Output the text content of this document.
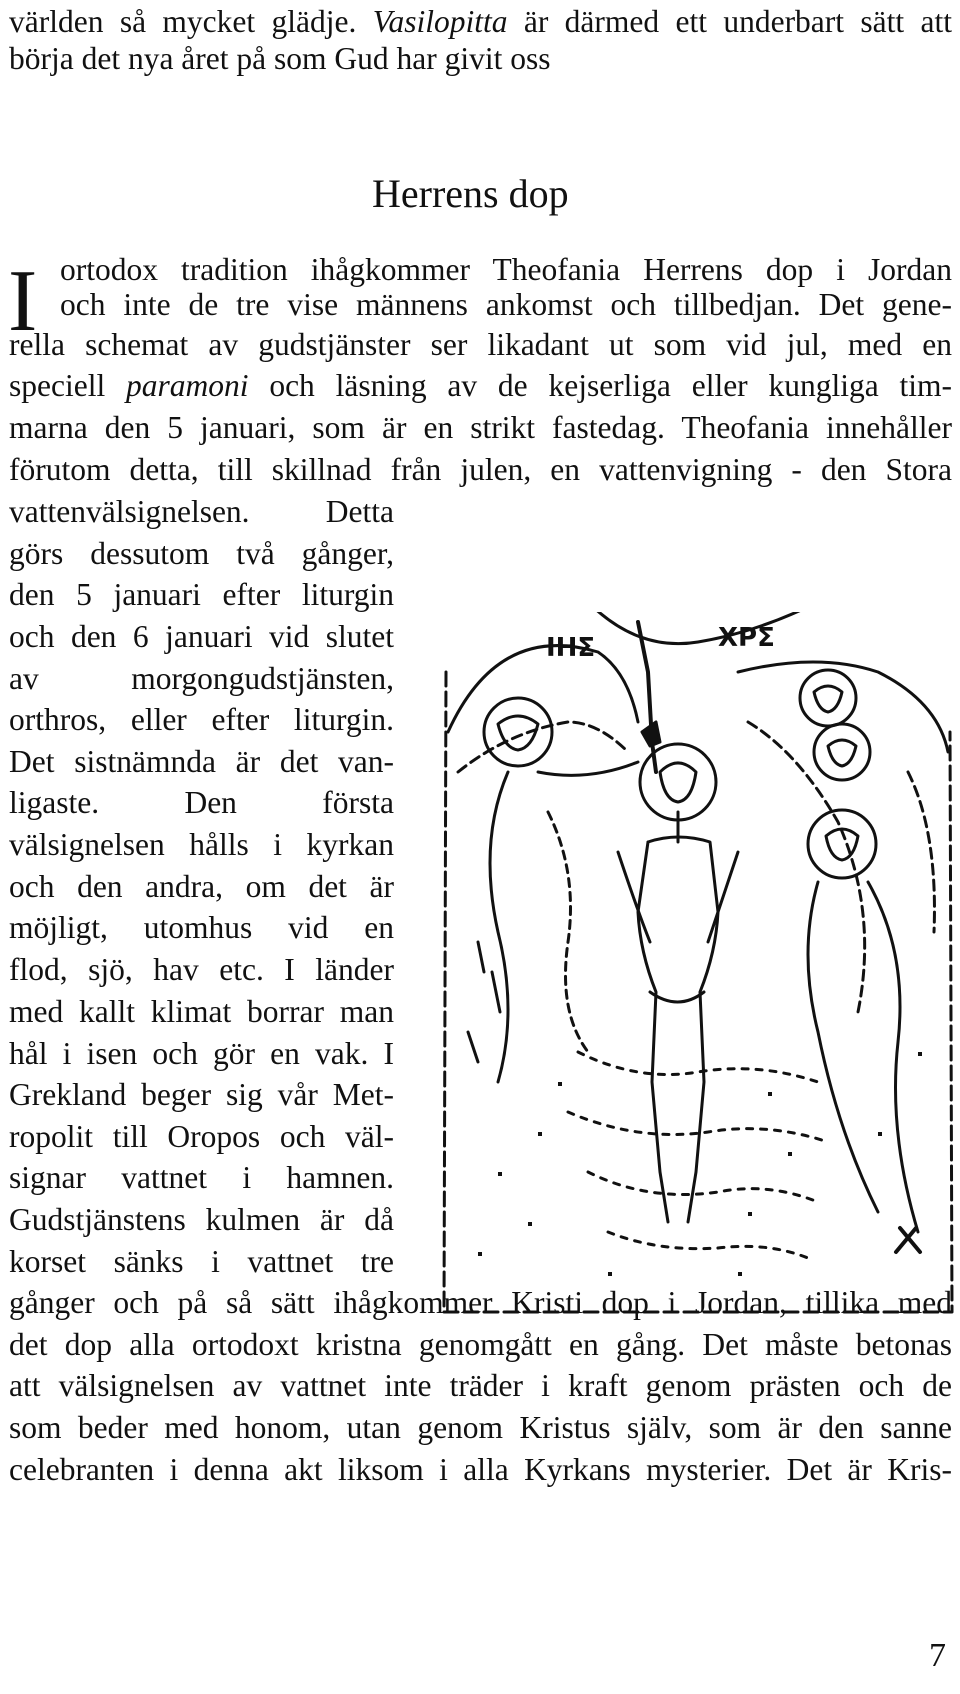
världen så mycket glädje. Vasilopitta är därmed ett underbart sätt att
börja det nya året på som Gud har givit oss
Herrens dop
I ortodox tradition ihågkommer Theofania Herrens dop i Jordan
och inte de tre vise männens ankomst och tillbedjan. Det gene-
rella schemat av gudstjänster ser likadant ut som vid jul, med en
speciell paramoni och läsning av de kejserliga eller kungliga tim-
marna den 5 januari, som är en strikt fastedag. Theofania innehåller
förutom detta, till skillnad från julen, en vattenvigning - den Stora
vattenvälsignelsen. Detta
görs dessutom två gånger,
den 5 januari efter liturgin
och den 6 januari vid slutet
av morgongudstjänsten,
orthros, eller efter liturgin.
Det sistnämnda är det van-
ligaste. Den första
välsignelsen hålls i kyrkan
och den andra, om det är
möjligt, utomhus vid en
flod, sjö, hav etc. I länder
med kallt klimat borrar man
hål i isen och gör en vak. I
Grekland beger sig vår Met-
ropolit till Oropos och väl-
signar vattnet i hamnen.
Gudstjänstens kulmen är då
korset sänks i vattnet tre
gånger och på så sätt ihågkommer Kristi dop i Jordan, tillika med
det dop alla ortodoxt kristna genomgått en gång. Det måste betonas
att välsignelsen av vattnet inte träder i kraft genom prästen och de
som beder med honom, utan genom Kristus själv, som är den sanne
celebranten i denna akt liksom i alla Kyrkans mysterier. Det är Kris-
ΙΗΣ	ΧΡΣ
7
